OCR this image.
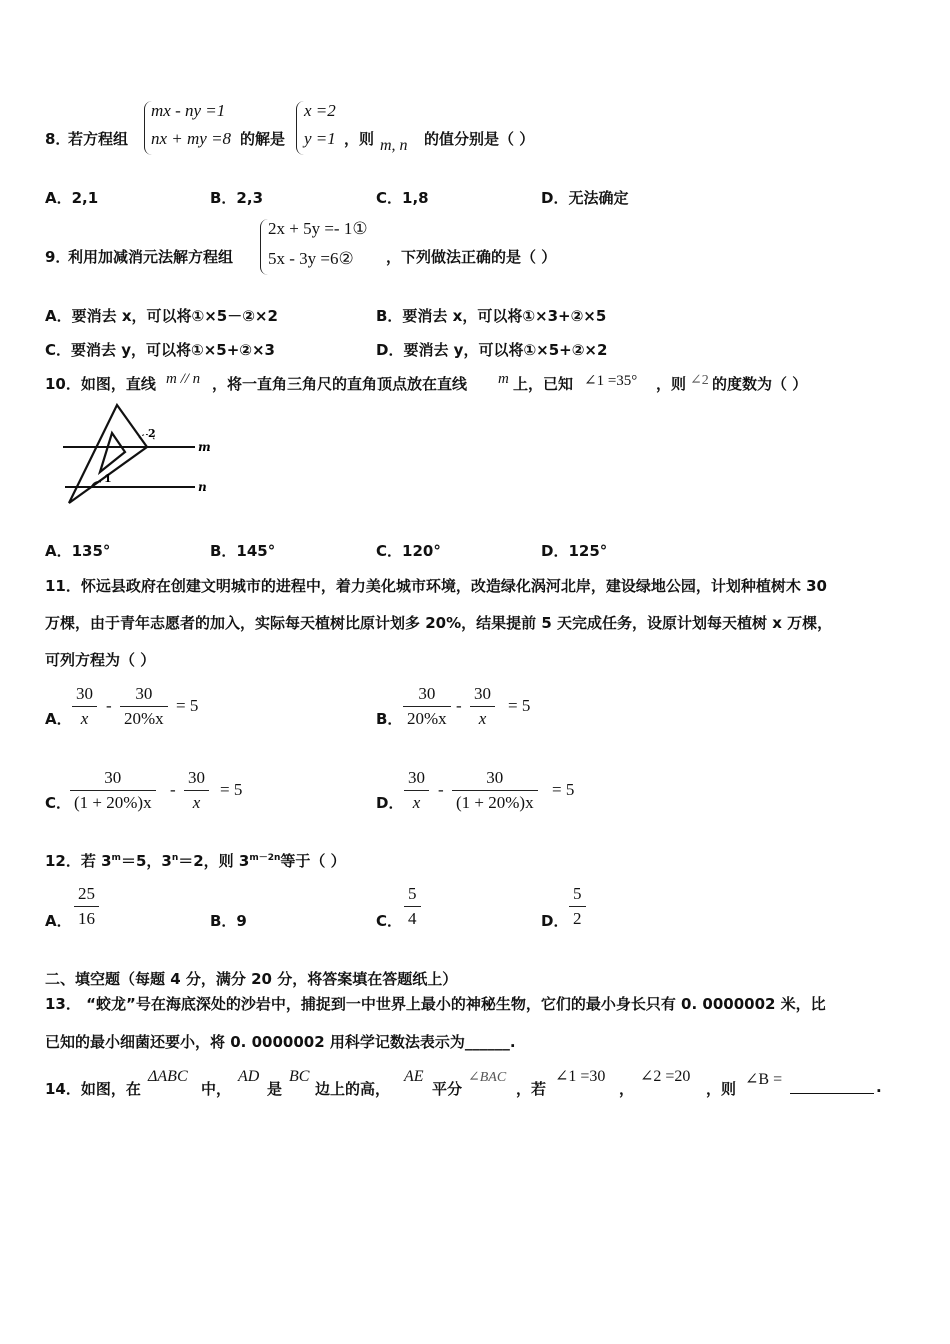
8．
若方程组
mx - ny =1
nx + my =8 的解是
x =2
y =1 ，则 m, n 的值分别是（ ）
A．2,1	B．2,3	C．1,8	D．无法确定
9．
利用加减消元法解方程组
2x + 5y =- 1①
5x - 3y =6② ，下列做法正确的是（ ）
A．要消去 x，可以将①×5－②×2	B．要消去 x，可以将①×3+②×5
C．要消去 y，可以将①×5+②×3	D．要消去 y，可以将①×5+②×2
10．如图，直线 m // n ，将一直角三角尺的直角顶点放在直线 m 上，已知 ∠1 =35° ，则 ∠2 的度数为（ ）
2
1
m
n
A．135°	B．145°	C．120°	D．125°
11．怀远县政府在创建文明城市的进程中，着力美化城市环境，改造绿化涡河北岸，建设绿地公园，计划种植树木 30
万棵，由于青年志愿者的加入，实际每天植树比原计划多 20%，结果提前 5 天完成任务，设原计划每天植树 x 万棵，
可列方程为（ ）
A．
30
x
-
30
20%x
= 5
B．
30
20%x
-
30
x
= 5
C．
30
(1 + 20%)x
-
30
x
= 5
D．
30
x
-
30
(1 + 20%)x
= 5
12．若 $3^m=5$，$3^n=2$，则 $3^{m-2n}$等于（ ）
A．
25
16	B．9	C．
5
4	D．
5
2
二、填空题（每题 4 分，满分 20 分，将答案填在答题纸上）
13． “蛟龙”号在海底深处的沙岩中，捕捉到一中世界上最小的神秘生物，它们的最小身长只有 0. 0000002 米，比
已知的最小细菌还要小，将 0. 0000002 用科学记数法表示为______.
14．如图，在
ΔABC
中，
AD
是
BC
边上的高，
AE
平分
∠BAC
，若
∠1 =30
，
∠2 =20
，则
∠B =	.
